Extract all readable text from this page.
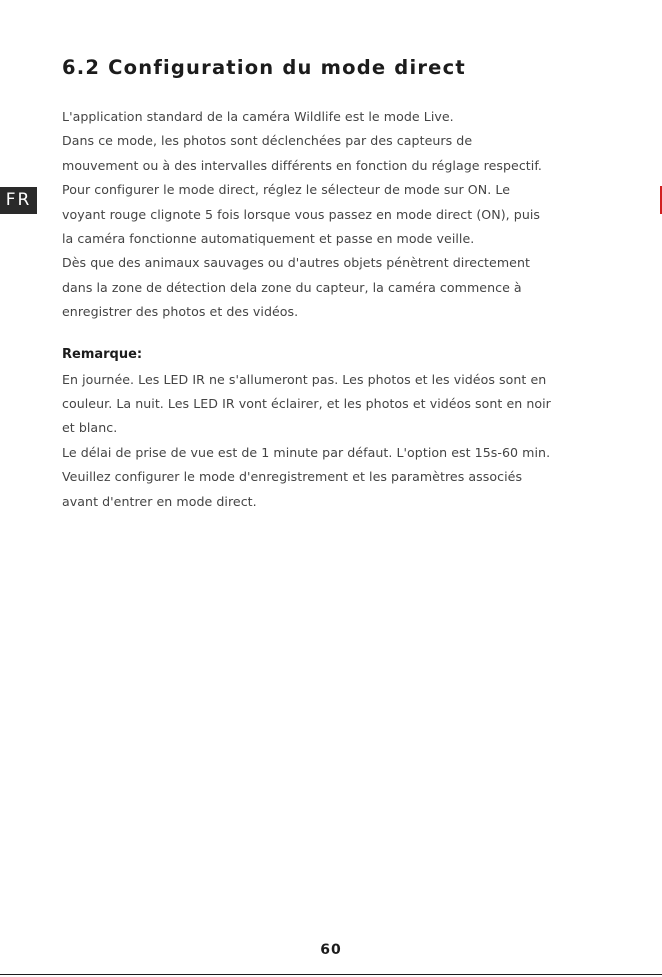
FR
6.2 Configuration du mode direct
L'application standard de la caméra Wildlife est le mode Live.
Dans ce mode, les photos sont déclenchées par des capteurs de
mouvement ou à des intervalles différents en fonction du réglage respectif.
Pour configurer le mode direct, réglez le sélecteur de mode sur ON. Le
voyant rouge clignote 5 fois lorsque vous passez en mode direct (ON), puis
la caméra fonctionne automatiquement et passe en mode veille.
Dès que des animaux sauvages ou d'autres objets pénètrent directement
dans la zone de détection dela zone du capteur, la caméra commence à
enregistrer des photos et des vidéos.
Remarque:
En journée. Les LED IR ne s'allumeront pas. Les photos et les vidéos sont en
couleur. La nuit. Les LED IR vont éclairer, et les photos et vidéos sont en noir
et blanc.
Le délai de prise de vue est de 1 minute par défaut. L'option est 15s-60 min.
Veuillez configurer le mode d'enregistrement et les paramètres associés
avant d'entrer en mode direct.
60
